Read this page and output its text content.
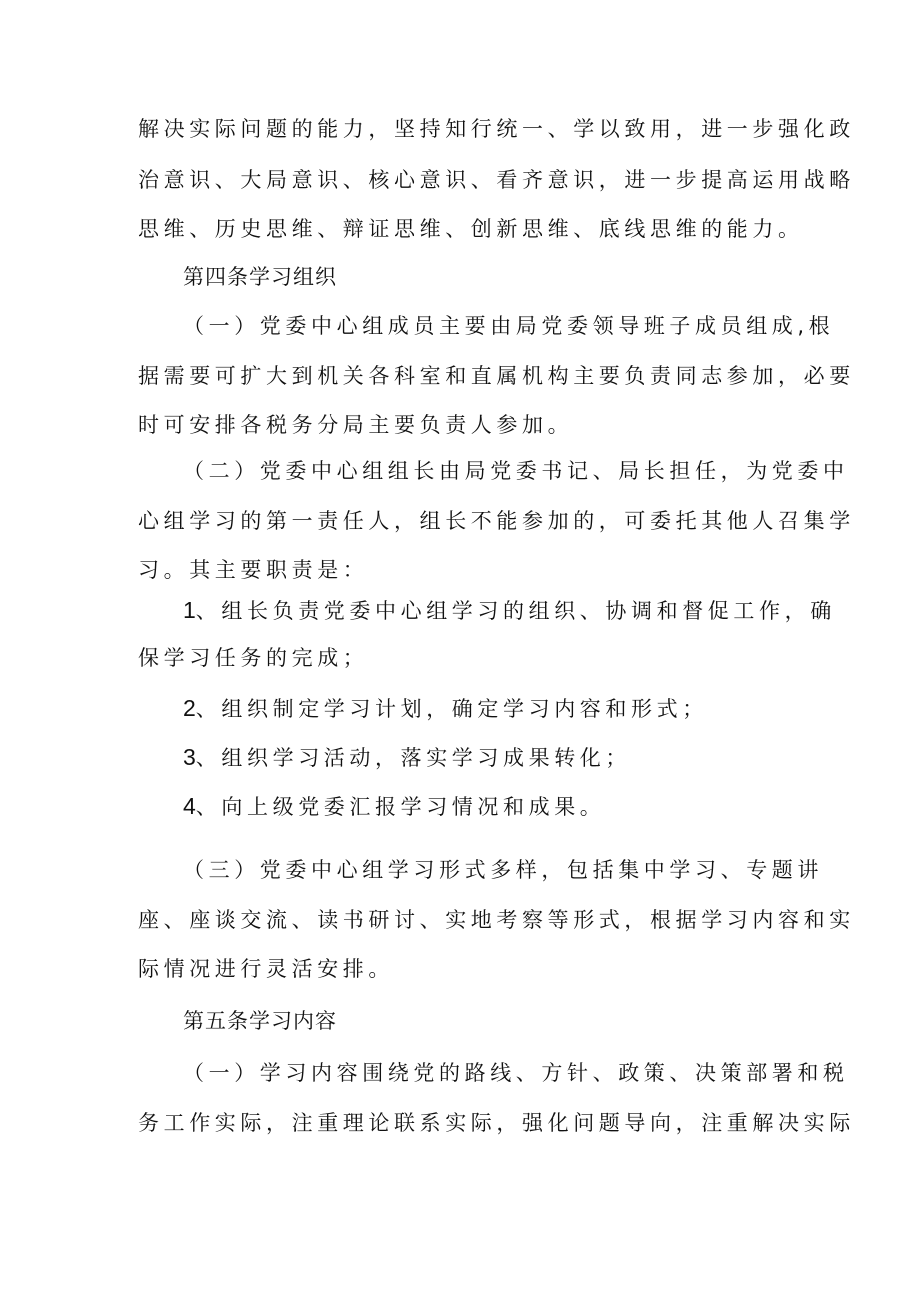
解决实际问题的能力，坚持知行统一、学以致用，进一步强化政
治意识、大局意识、核心意识、看齐意识，进一步提高运用战略
思维、历史思维、辩证思维、创新思维、底线思维的能力。
第四条学习组织
（一）党委中心组成员主要由局党委领导班子成员组成,根
据需要可扩大到机关各科室和直属机构主要负责同志参加，必要
时可安排各税务分局主要负责人参加。
（二）党委中心组组长由局党委书记、局长担任，为党委中
心组学习的第一责任人，组长不能参加的，可委托其他人召集学
习。其主要职责是：
1、组长负责党委中心组学习的组织、协调和督促工作，确
保学习任务的完成；
2、组织制定学习计划，确定学习内容和形式；
3、组织学习活动，落实学习成果转化；
4、向上级党委汇报学习情况和成果。
（三）党委中心组学习形式多样，包括集中学习、专题讲
座、座谈交流、读书研讨、实地考察等形式，根据学习内容和实
际情况进行灵活安排。
第五条学习内容
（一）学习内容围绕党的路线、方针、政策、决策部署和税
务工作实际，注重理论联系实际，强化问题导向，注重解决实际
